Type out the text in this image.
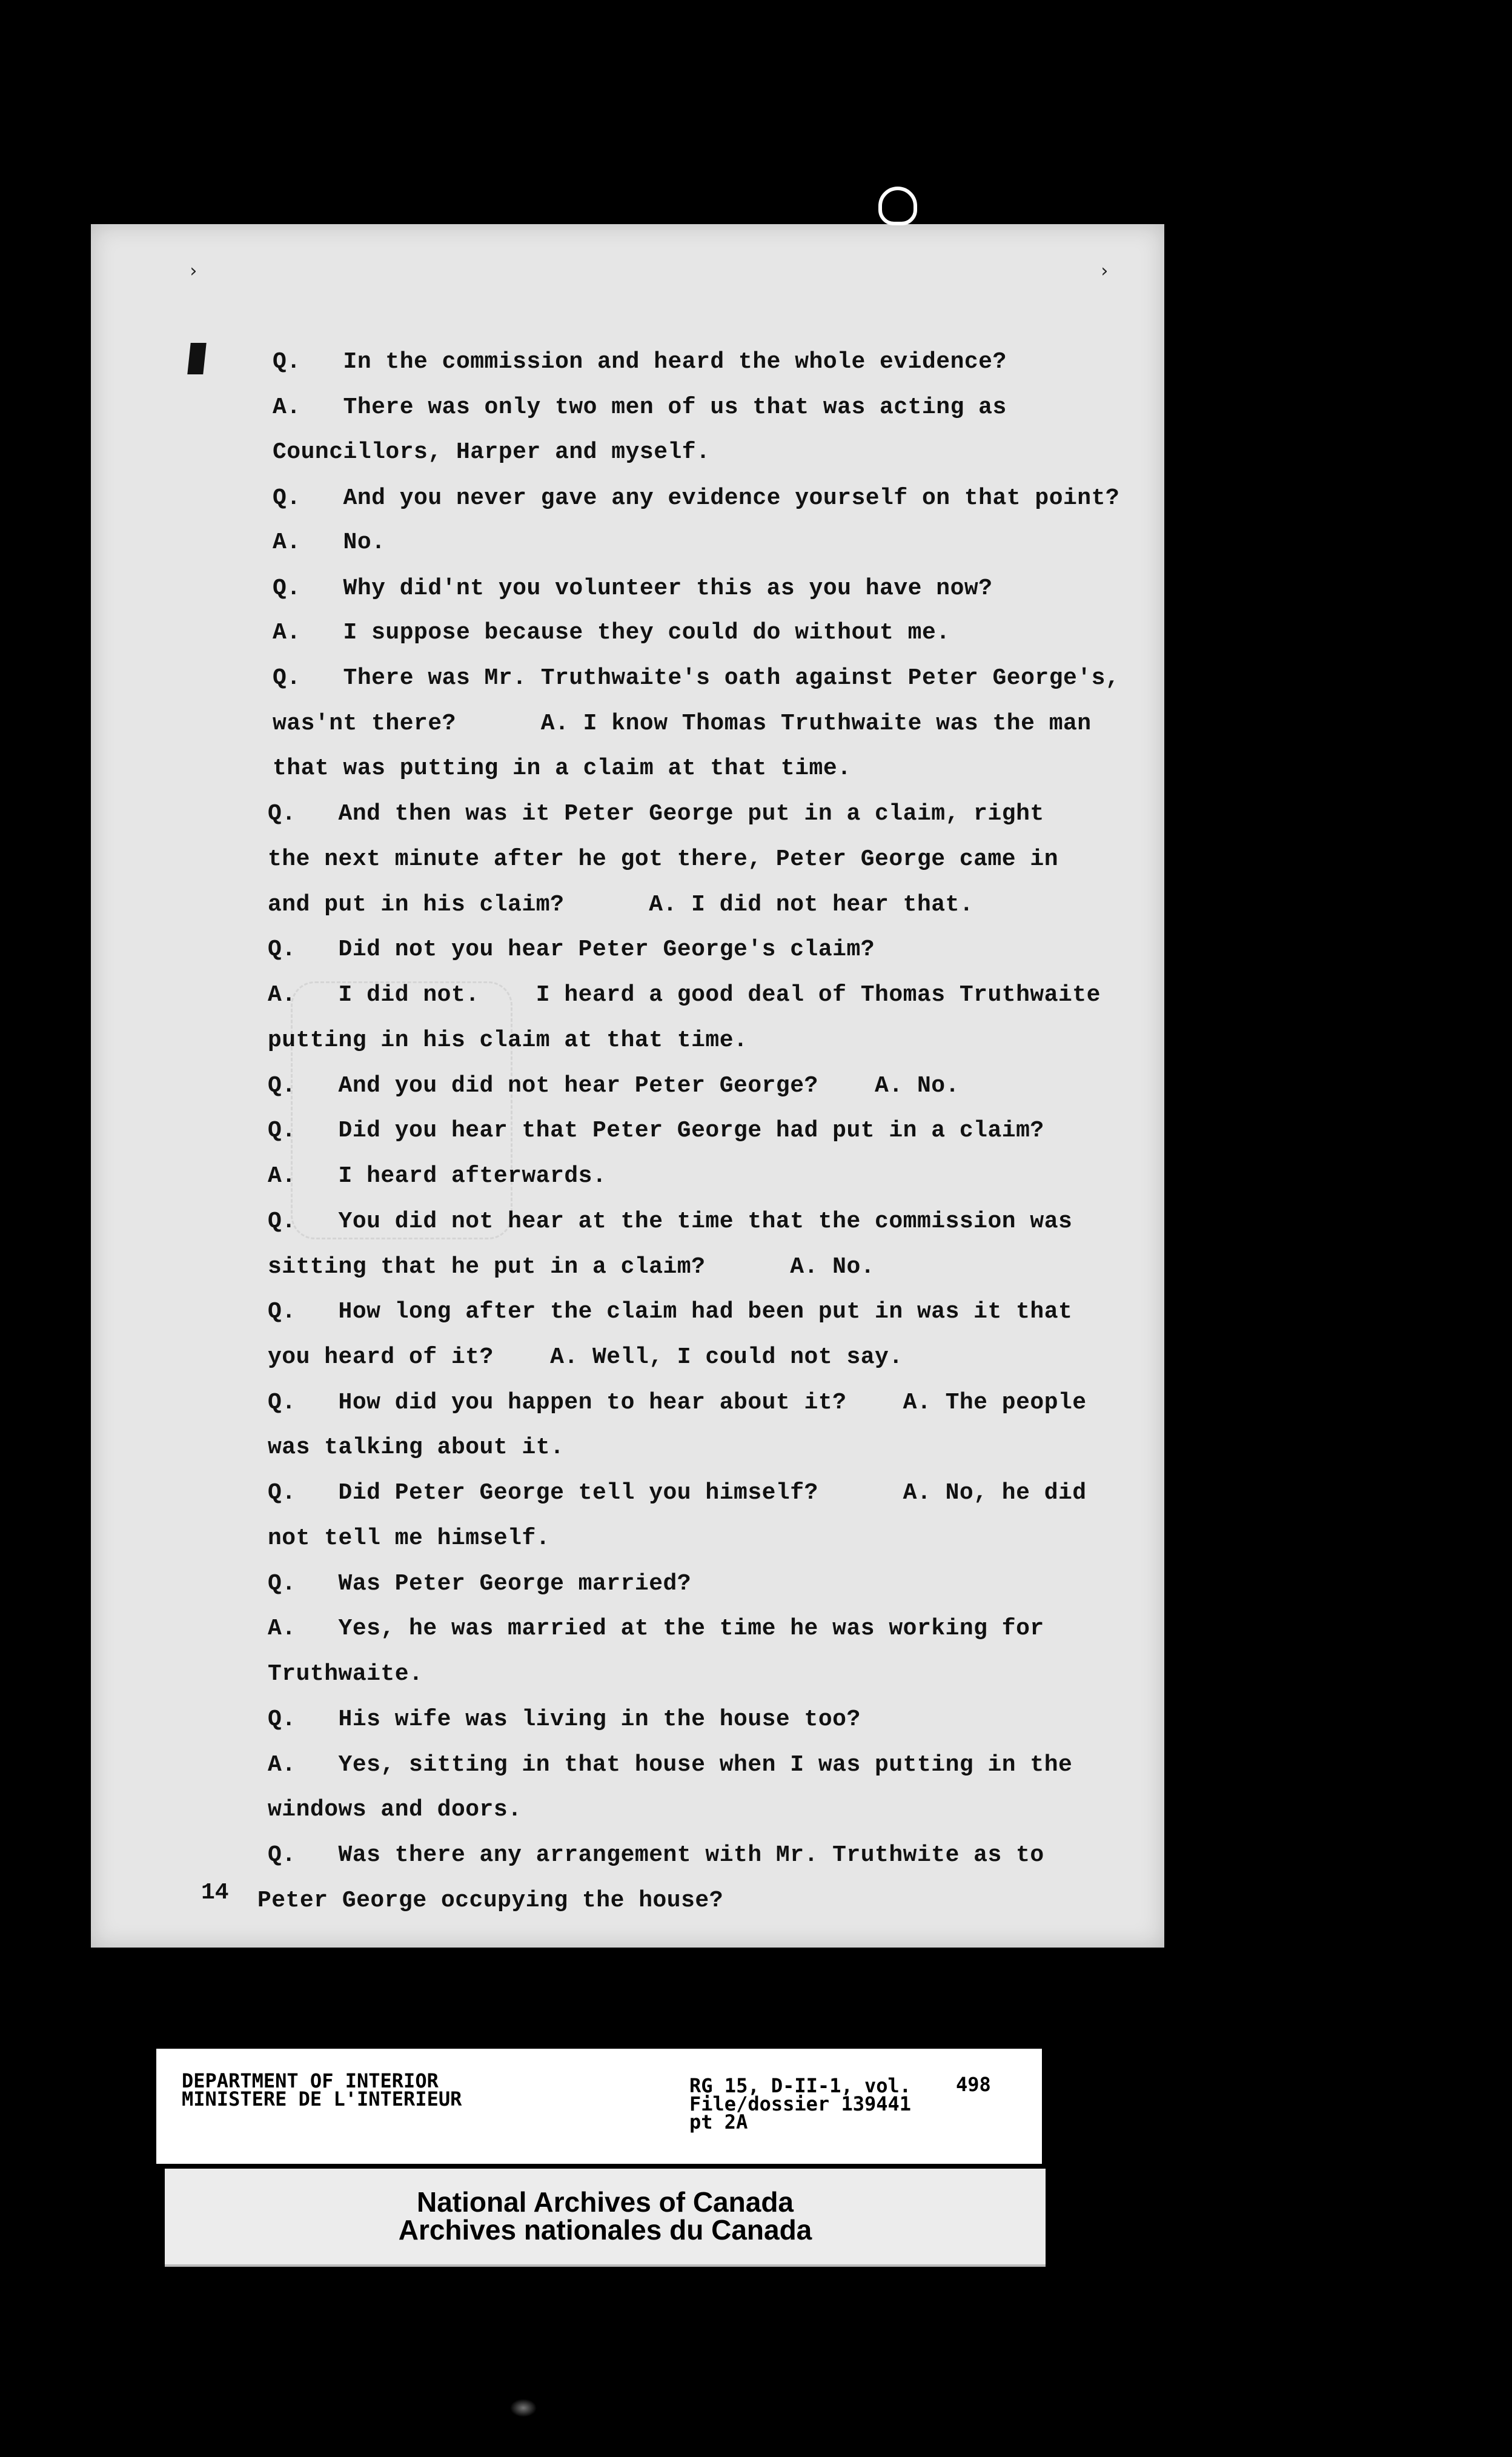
›	›
Q.   In the commission and heard the whole evidence?
A.   There was only two men of us that was acting as
Councillors, Harper and myself.
Q.   And you never gave any evidence yourself on that point?
A.   No.
Q.   Why did'nt you volunteer this as you have now?
A.   I suppose because they could do without me.
Q.   There was Mr. Truthwaite's oath against Peter George's,
was'nt there?      A. I know Thomas Truthwaite was the man
that was putting in a claim at that time.
Q.   And then was it Peter George put in a claim, right
the next minute after he got there, Peter George came in
and put in his claim?      A. I did not hear that.
Q.   Did not you hear Peter George's claim?
A.   I did not.    I heard a good deal of Thomas Truthwaite
putting in his claim at that time.
Q.   And you did not hear Peter George?    A. No.
Q.   Did you hear that Peter George had put in a claim?
A.   I heard afterwards.
Q.   You did not hear at the time that the commission was
sitting that he put in a claim?      A. No.
Q.   How long after the claim had been put in was it that
you heard of it?    A. Well, I could not say.
Q.   How did you happen to hear about it?    A. The people
was talking about it.
Q.   Did Peter George tell you himself?      A. No, he did
not tell me himself.
Q.   Was Peter George married?
A.   Yes, he was married at the time he was working for
Truthwaite.
Q.   His wife was living in the house too?
A.   Yes, sitting in that house when I was putting in the
windows and doors.
Q.   Was there any arrangement with Mr. Truthwite as to
Peter George occupying the house?
14
DEPARTMENT OF INTERIOR
MINISTERE DE L'INTERIEUR
RG 15, D-II-1, vol.
File/dossier 139441
pt 2A
498
National Archives of Canada
Archives nationales du Canada
